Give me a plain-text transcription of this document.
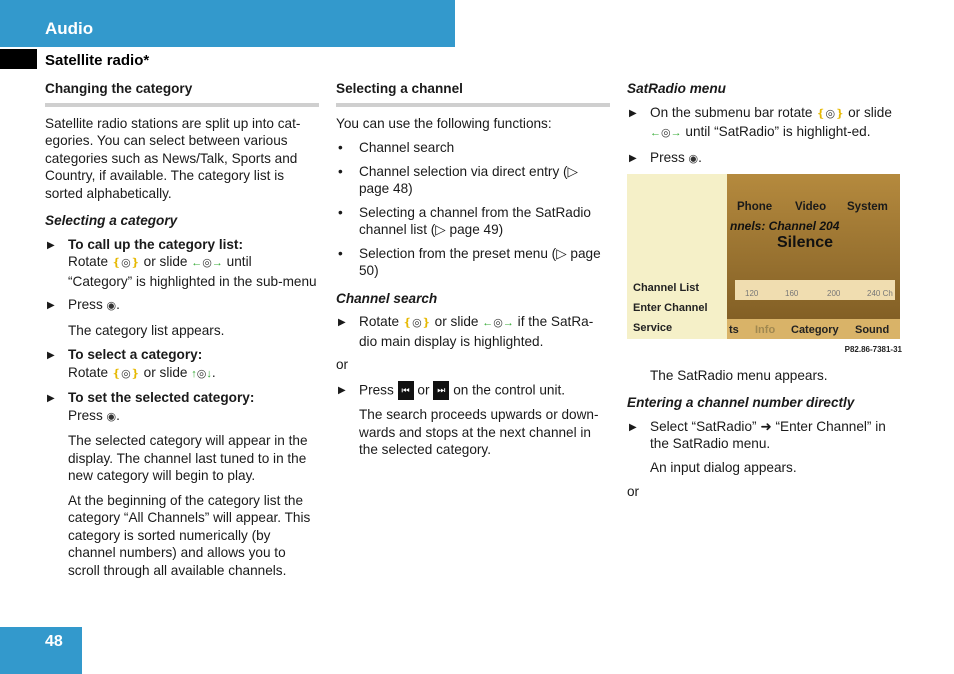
Audio
Satellite radio*
Changing the category

Satellite radio stations are split up into cat-egories. You can select between various categories such as News/Talk, Sports and Country, if available. The category list is sorted alphabetically.

Selecting a category
▶ To call up the category list:
Rotate ❴◎❵ or slide ←◎→ until “Category” is highlighted in the sub-menu
▶ Press ◉.

The category list appears.

▶ To select a category:
Rotate ❴◎❵ or slide ↑◎↓.
▶ To set the selected category:
Press ◉.

The selected category will appear in the display. The channel last tuned to in the new category will begin to play.

At the beginning of the category list the category “All Channels” will appear. This category is sorted numerically (by channel numbers) and allows you to scroll through all available channels.

Selecting a channel

You can use the following functions:

• Channel search
• Channel selection via direct entry (▷ page 48)
• Selecting a channel from the SatRadio channel list (▷ page 49)
• Selection from the preset menu (▷ page 50)
Channel search
▶ Rotate ❴◎❵ or slide ←◎→ if the SatRa-dio main display is highlighted.

or

▶ Press ⏮ or ⏭ on the control unit.

The search proceeds upwards or down-wards and stops at the next channel in the selected category.

SatRadio menu
▶ On the submenu bar rotate ❴◎❵ or slide ←◎→ until “SatRadio” is highlight-ed.
▶ Press ◉.
Channel List
Enter Channel
Service
Phone Video System
nnels: Channel 204
Silence
120	160	200	240 Ch
ts Info Category Sound
P82.86-7381-31

The SatRadio menu appears.

Entering a channel number directly
▶ Select “SatRadio” ➜ “Enter Channel” in the SatRadio menu.

An input dialog appears.

or

48
